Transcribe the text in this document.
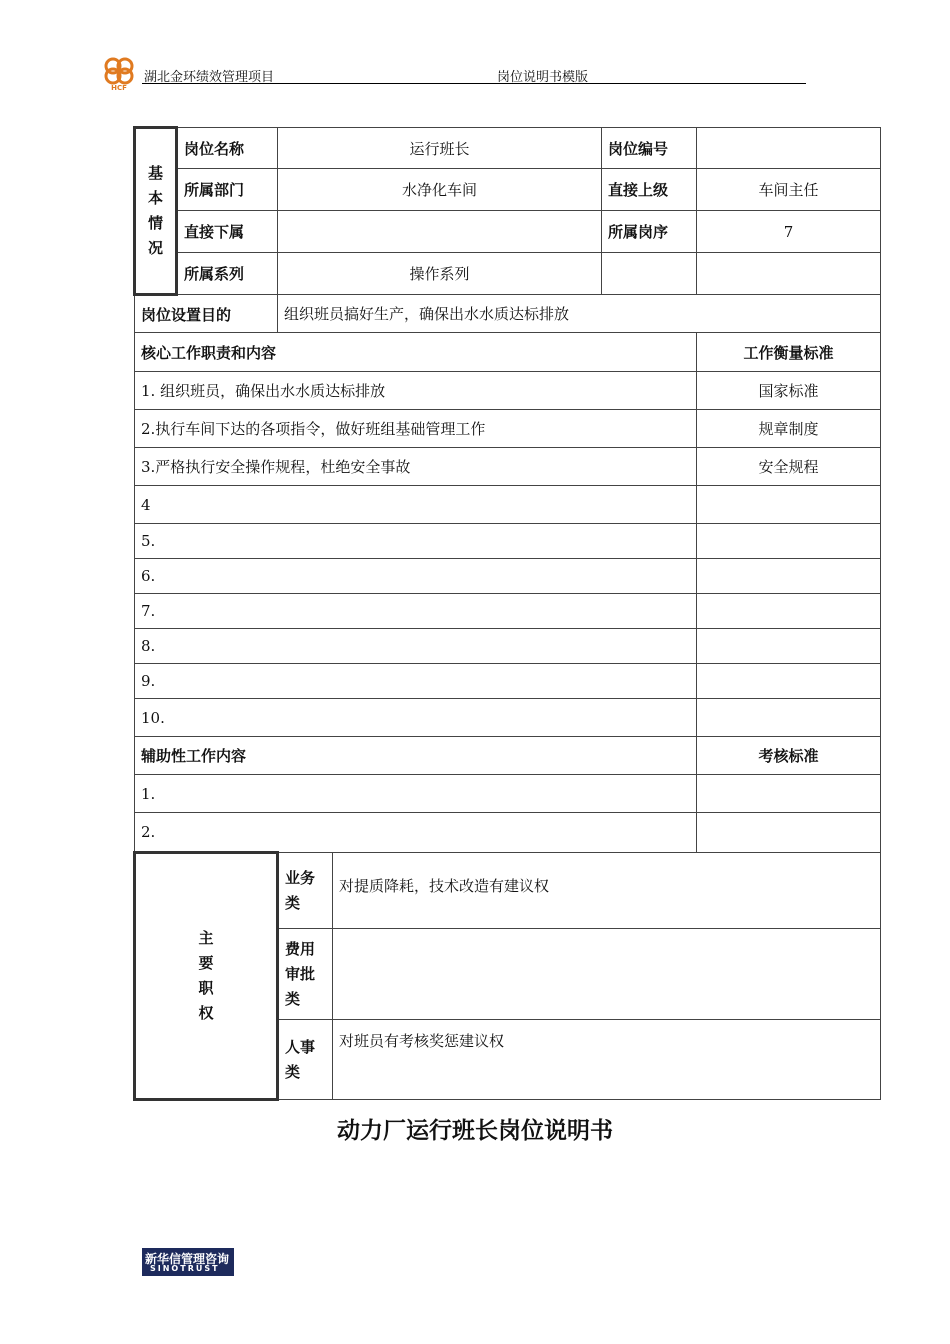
HCF
湖北金环绩效管理项目	岗位说明书模版
基
本
情
况	岗位名称	运行班长		岗位编号	
	所属部门	水净化车间		直接上级	车间主任
	直接下属			所属岗序	7
	所属系列	操作系列			
岗位设置目的		组织班员搞好生产，确保出水水质达标排放			
核心工作职责和内容					工作衡量标准
1. 组织班员，确保出水水质达标排放					国家标准
2.执行车间下达的各项指令，做好班组基础管理工作					规章制度
3.严格执行安全操作规程，杜绝安全事故					安全规程
4					
5.					
6.					
7.					
8.					
9.					
10.					
辅助性工作内容					考核标准
1.					
2.					
主
要
职
权		业务类	对提质降耗，技术改造有建议权		
		费用审批类			
		人事类	对班员有考核奖惩建议权		
动力厂运行班长岗位说明书
新华信管理咨询
SINOTRUST
